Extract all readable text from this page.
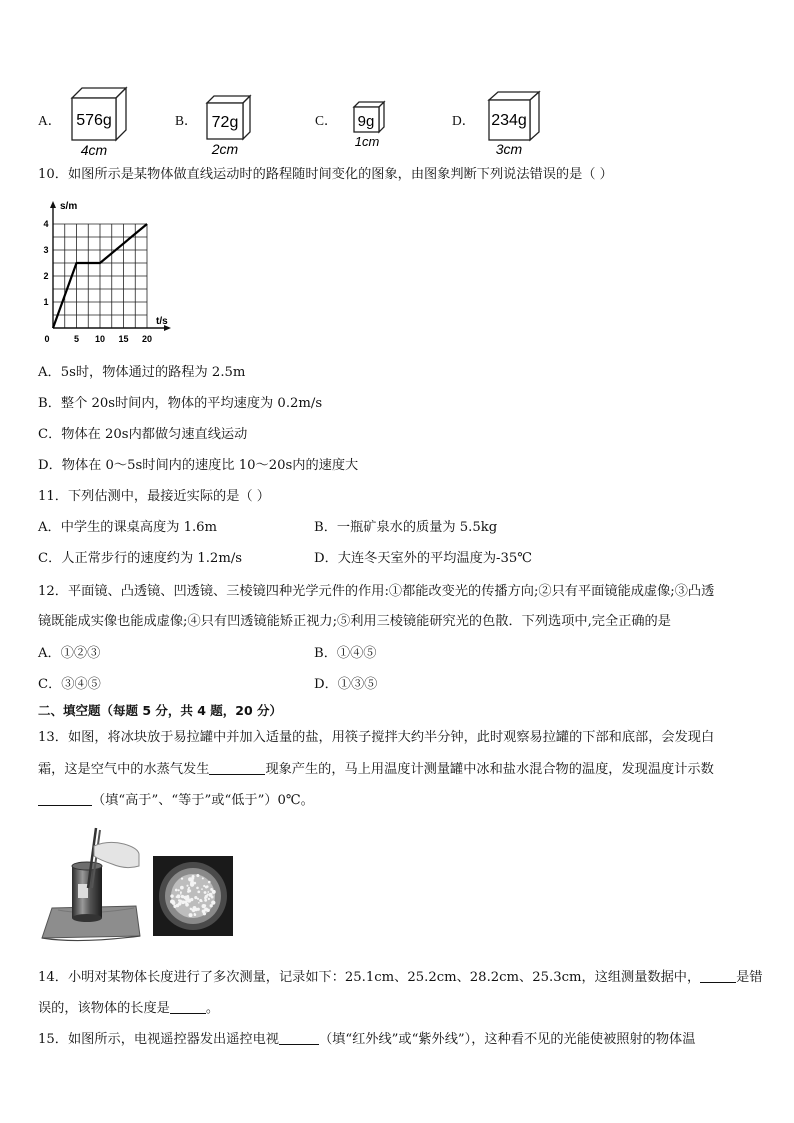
A． 576g
4cm
B． 72g
2cm
C． 9g
1cm
D． 234g
3cm
10．如图所示是某物体做直线运动时的路程随时间变化的图象，由图象判断下列说法错误的是（ ）
0	5 10 15 20
1
2
3
4
s/m
t/s
A．5s时，物体通过的路程为 2.5m
B．整个 20s时间内，物体的平均速度为 0.2m/s
C．物体在 20s内都做匀速直线运动
D．物体在 0～5s时间内的速度比 10～20s内的速度大
11．下列估测中，最接近实际的是（ ）
A．中学生的课桌高度为 1.6m	B．一瓶矿泉水的质量为 5.5kg
C．人正常步行的速度约为 1.2m/s	D．大连冬天室外的平均温度为-35℃
12．平面镜、凸透镜、凹透镜、三棱镜四种光学元件的作用:①都能改变光的传播方向;②只有平面镜能成虚像;③凸透
镜既能成实像也能成虚像;④只有凹透镜能矫正视力;⑤利用三棱镜能研究光的色散．下列选项中,完全正确的是
A．①②③	B．①④⑤
C．③④⑤	D．①③⑤
二、填空题（每题 5 分，共 4 题，20 分）
13．如图，将冰块放于易拉罐中并加入适量的盐，用筷子搅拌大约半分钟，此时观察易拉罐的下部和底部，会发现白
霜，这是空气中的水蒸气发生	现象产生的，马上用温度计测量罐中冰和盐水混合物的温度，发现温度计示数
（填“高于”、“等于”或“低于”）0℃。
14．小明对某物体长度进行了多次测量，记录如下：25.1cm、25.2cm、28.2cm、25.3cm，这组测量数据中，	是错
误的，该物体的长度是	。
15．如图所示，电视遥控器发出遥控电视	（填“红外线”或“紫外线”），这种看不见的光能使被照射的物体温
